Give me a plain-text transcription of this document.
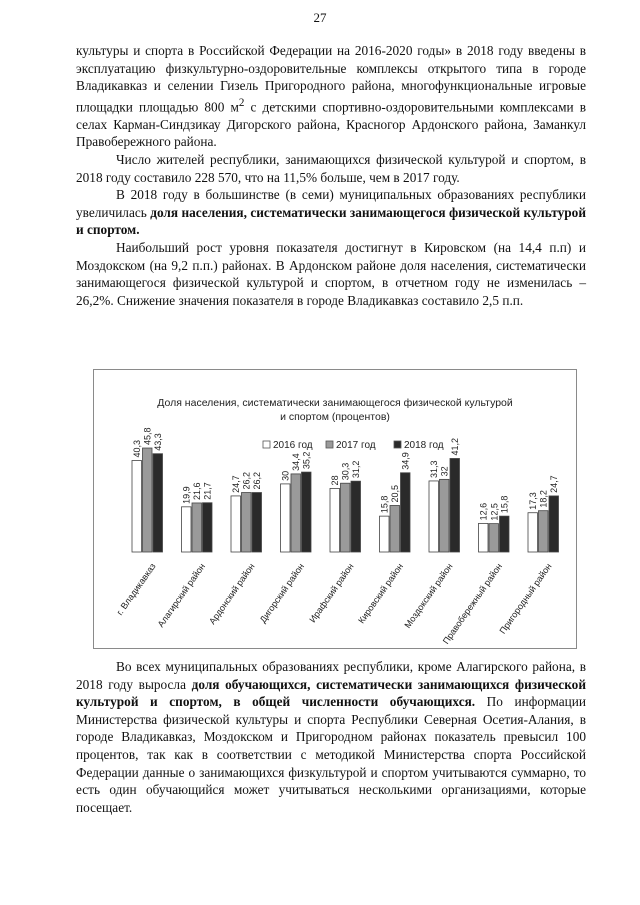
27

культуры и спорта в Российской Федерации на 2016-2020 годы» в 2018 году введены в эксплуатацию физкультурно-оздоровительные комплексы открытого типа в городе Владикавказ и селении Гизель Пригородного района, многофункциональные игровые площадки площадью 800 $м^2$ с детскими спортивно-оздоровительными комплексами в селах Карман-Синдзикау Дигорского района, Красногор Ардонского района, Заманкул Правобережного района.

Число жителей республики, занимающихся физической культурой и спортом, в 2018 году составило 228 570, что на 11,5% больше, чем в 2017 году.

В 2018 году в большинстве (в семи) муниципальных образованиях республики увеличилась доля населения, систематически занимающегося физической культурой и спортом.

Наибольший рост уровня показателя достигнут в Кировском (на 14,4 п.п) и Моздокском (на 9,2 п.п.) районах. В Ардонском районе доля населения, систематически занимающегося физической культурой и спортом, в отчетном году не изменилась – 26,2%. Снижение значения показателя в городе Владикавказ составило 2,5 п.п.

Доля населения, систематически занимающегося физической культурой
и спортом (процентов)
2016 год 2017 год	2018 год
40,3
45,8 43,3
19,9 21,6 21,7 24,7 26,2 26,2 30
34,4 35,2
28
30,3 31,2
15,8
20,5
34,9 31,3 32
41,2
12,6 12,5 15,8 17,3 18,2
24,7
г. Владикавказ
Алагирский район Ардонский район Дигорский район Ирафский район Кировский район
Моздокский район
Правобережный район
Пригородный район

Во всех муниципальных образованиях республики, кроме Алагирского района, в 2018 году выросла доля обучающихся, систематически занимающихся физической культурой и спортом, в общей численности обучающихся. По информации Министерства физической культуры и спорта Республики Северная Осетия-Алания, в городе Владикавказ, Моздокском и Пригородном районах показатель превысил 100 процентов, так как в соответствии с методикой Министерства спорта Российской Федерации данные о занимающихся физкультурой и спортом учитываются суммарно, то есть один обучающийся может учитываться несколькими организациями, которые посещает.
